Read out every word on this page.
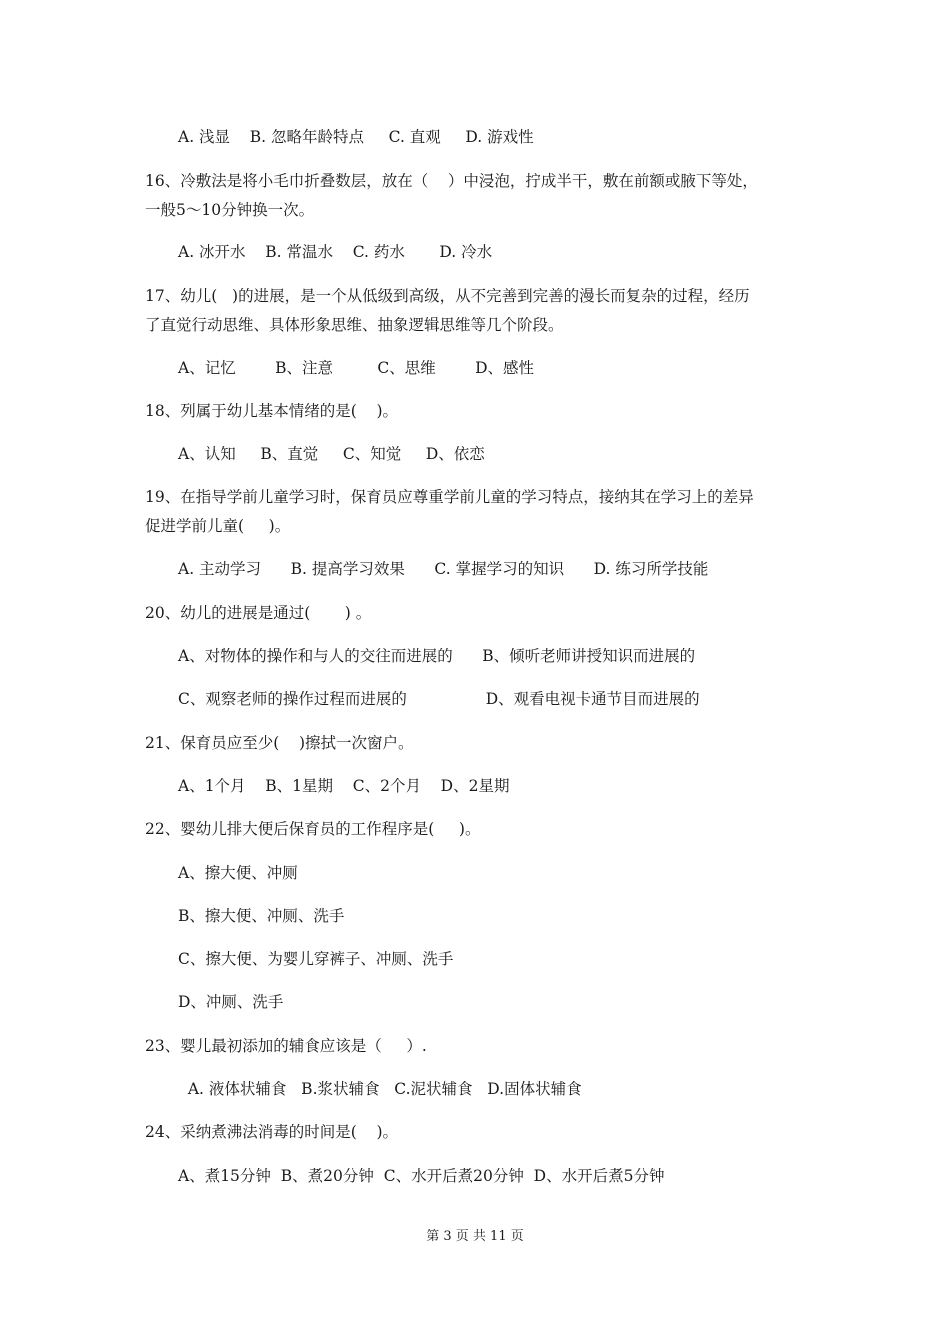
A. 浅显    B. 忽略年龄特点     C. 直观     D. 游戏性
16、冷敷法是将小毛巾折叠数层，放在（    ）中浸泡，拧成半干，敷在前额或腋下等处，
一般5～10分钟换一次。
A. 冰开水    B. 常温水    C. 药水       D. 冷水
17、幼儿(   )的进展，是一个从低级到高级，从不完善到完善的漫长而复杂的过程，经历
了直觉行动思维、具体形象思维、抽象逻辑思维等几个阶段。
A、记忆        B、注意         C、思维        D、感性
18、列属于幼儿基本情绪的是(    )。
A、认知     B、直觉     C、知觉     D、依恋
19、在指导学前儿童学习时，保育员应尊重学前儿童的学习特点，接纳其在学习上的差异
促进学前儿童(     )。
A. 主动学习      B. 提高学习效果      C. 掌握学习的知识      D. 练习所学技能
20、幼儿的进展是通过(       ) 。
A、对物体的操作和与人的交往而进展的      B、倾听老师讲授知识而进展的
C、观察老师的操作过程而进展的                D、观看电视卡通节目而进展的
21、保育员应至少(    )擦拭一次窗户。
A、1个月    B、1星期    C、2个月    D、2星期
22、婴幼儿排大便后保育员的工作程序是(     )。
A、擦大便、冲厕
B、擦大便、冲厕、洗手
C、擦大便、为婴儿穿裤子、冲厕、洗手
D、冲厕、洗手
23、婴儿最初添加的辅食应该是（     ）.
A. 液体状辅食   B.浆状辅食   C.泥状辅食   D.固体状辅食
24、采纳煮沸法消毒的时间是(    )。
A、煮15分钟  B、煮20分钟  C、水开后煮20分钟  D、水开后煮5分钟
第 3 页 共 11 页
